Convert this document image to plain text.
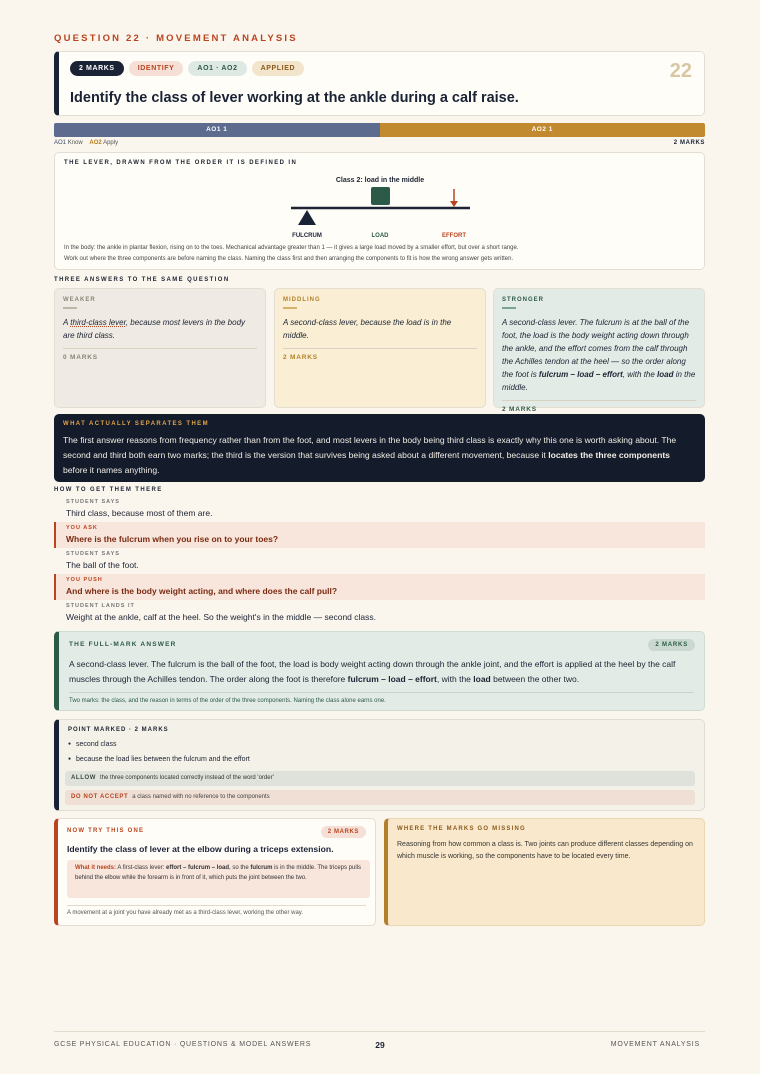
QUESTION 22 · MOVEMENT ANALYSIS
2 MARKS	IDENTIFY	AO1 · AO2	APPLIED	22
Identify the class of lever working at the ankle during a calf raise.
AO1 1	AO2 1
AO1 Know AO2 Apply	2 MARKS
THE LEVER, DRAWN FROM THE ORDER IT IS DEFINED IN
Class 2: load in the middle
FULCRUM	LOAD	EFFORT
In the body: the ankle in plantar flexion, rising on to the toes. Mechanical advantage greater than 1 — it gives a large load moved by a smaller effort, but over a short range.
Work out where the three components are before naming the class. Naming the class first and then arranging the components to fit is how the wrong answer gets written.
THREE ANSWERS TO THE SAME QUESTION
WEAKER
A third-class lever, because most levers in the body are third class.
0 MARKS
MIDDLING
A second-class lever, because the load is in the middle.
2 MARKS
STRONGER
A second-class lever. The fulcrum is at the ball of the foot, the load is the body weight acting down through the ankle, and the effort comes from the calf through the Achilles tendon at the heel — so the order along the foot is fulcrum – load – effort, with the load in the middle.
2 MARKS
WHAT ACTUALLY SEPARATES THEM
The first answer reasons from frequency rather than from the foot, and most levers in the body being third class is exactly why this one is worth asking about. The second and third both earn two marks; the third is the version that survives being asked about a different movement, because it locates the three components before it names anything.
HOW TO GET THEM THERE
STUDENT SAYS
Third class, because most of them are.
YOU ASK
Where is the fulcrum when you rise on to your toes?
STUDENT SAYS
The ball of the foot.
YOU PUSH
And where is the body weight acting, and where does the calf pull?
STUDENT LANDS IT
Weight at the ankle, calf at the heel. So the weight's in the middle — second class.
THE FULL-MARK ANSWER	2 MARKS
A second-class lever. The fulcrum is the ball of the foot, the load is body weight acting down through the ankle joint, and the effort is applied at the heel by the calf muscles through the Achilles tendon. The order along the foot is therefore fulcrum – load – effort, with the load between the other two.
Two marks: the class, and the reason in terms of the order of the three components. Naming the class alone earns one.
POINT MARKED · 2 MARKS
● second class
● because the load lies between the fulcrum and the effort
ALLOW the three components located correctly instead of the word 'order'
DO NOT ACCEPT a class named with no reference to the components
NOW TRY THIS ONE	2 MARKS
Identify the class of lever at the elbow during a triceps extension.
What it needs: A first-class lever: effort – fulcrum – load, so the fulcrum is in the middle. The triceps pulls behind the elbow while the forearm is in front of it, which puts the joint between the two.
A movement at a joint you have already met as a third-class lever, working the other way.
WHERE THE MARKS GO MISSING
Reasoning from how common a class is. Two joints can produce different classes depending on which muscle is working, so the components have to be located every time.
GCSE PHYSICAL EDUCATION · QUESTIONS & MODEL ANSWERS	29	MOVEMENT ANALYSIS
